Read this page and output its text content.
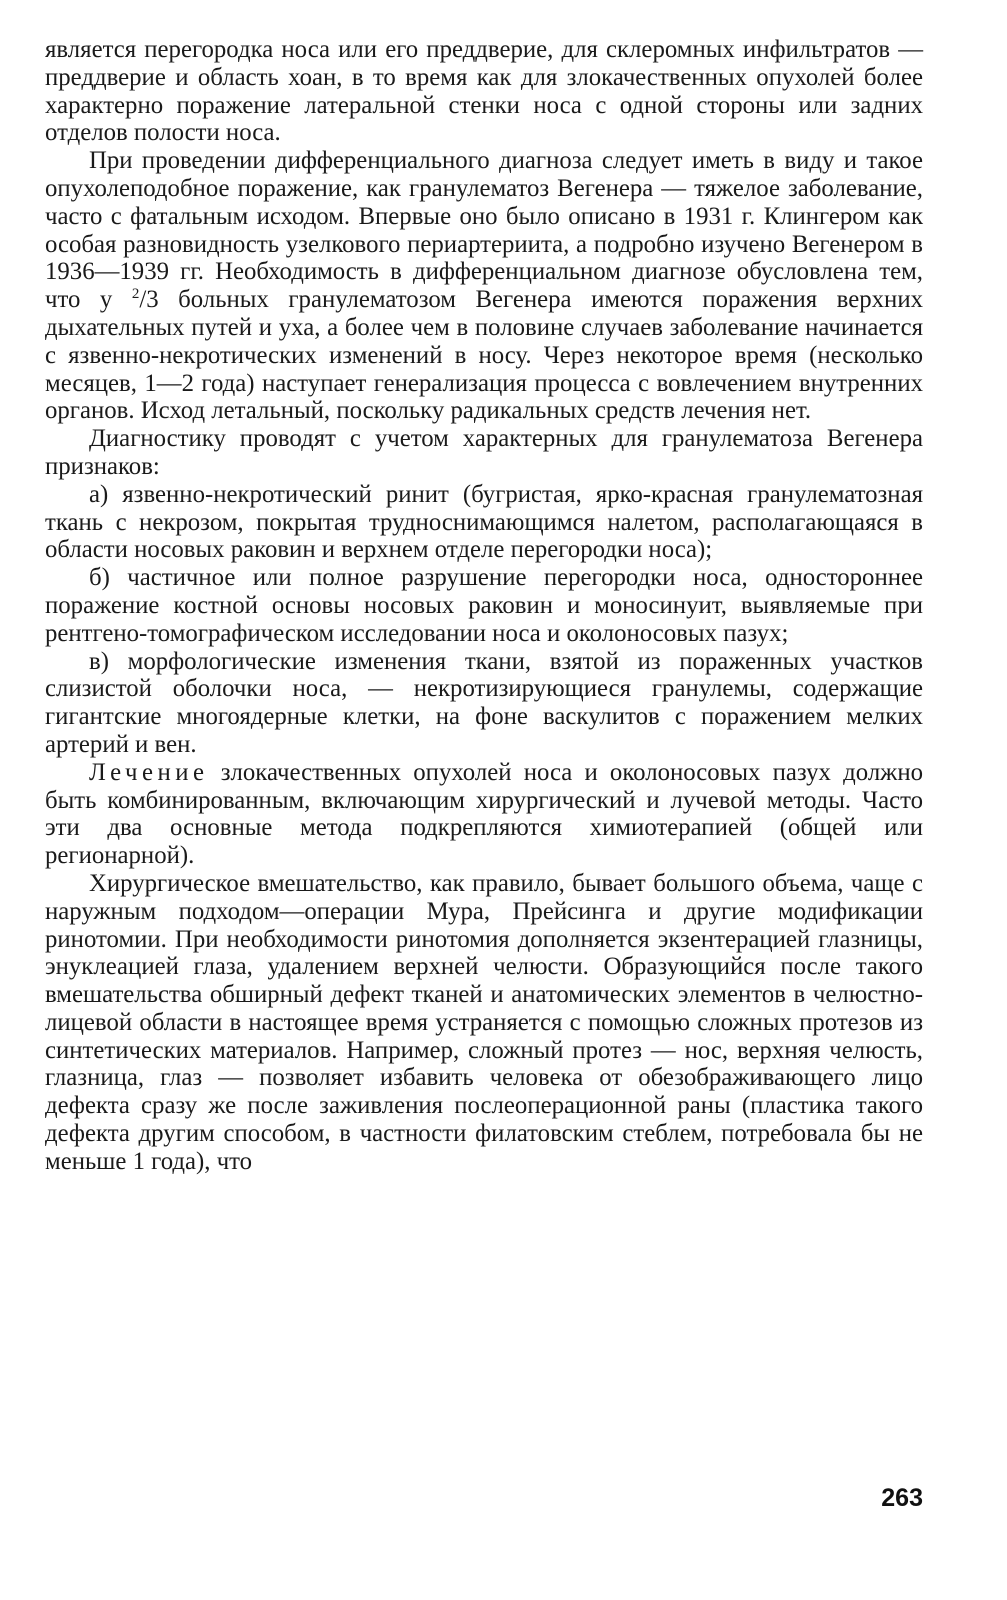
является перегородка носа или его преддверие, для склеромных инфильтратов — преддверие и область хоан, в то время как для злокачественных опухолей более характерно поражение латеральной стенки носа с одной стороны или задних отделов полости носа.

При проведении дифференциального диагноза следует иметь в виду и такое опухолеподобное поражение, как гранулематоз Вегенера — тяжелое заболевание, часто с фатальным исходом. Впервые оно было описано в 1931 г. Клингером как особая разновидность узелкового периартериита, а подробно изучено Вегенером в 1936—1939 гг. Необходимость в дифференциальном диагнозе обусловлена тем, что у $^2$/3 больных гранулематозом Вегенера имеются поражения верхних дыхательных путей и уха, а более чем в половине случаев заболевание начинается с язвенно-некротических изменений в носу. Через некоторое время (несколько месяцев, 1—2 года) наступает генерализация процесса с вовлечением внутренних органов. Исход летальный, поскольку радикальных средств лечения нет.

Диагностику проводят с учетом характерных для гранулематоза Вегенера признаков:

а) язвенно-некротический ринит (бугристая, ярко-красная гранулематозная ткань с некрозом, покрытая трудноснимающимся налетом, располагающаяся в области носовых раковин и верхнем отделе перегородки носа);

б) частичное или полное разрушение перегородки носа, одностороннее поражение костной основы носовых раковин и моносинуит, выявляемые при рентгено-томографическом исследовании носа и околоносовых пазух;

в) морфологические изменения ткани, взятой из пораженных участков слизистой оболочки носа, — некротизирующиеся гранулемы, содержащие гигантские многоядерные клетки, на фоне васкулитов с поражением мелких артерий и вен.

Лечение злокачественных опухолей носа и околоносовых пазух должно быть комбинированным, включающим хирургический и лучевой методы. Часто эти два основные метода подкрепляются химиотерапией (общей или регионарной).

Хирургическое вмешательство, как правило, бывает большого объема, чаще с наружным подходом—операции Мура, Прейсинга и другие модификации ринотомии. При необходимости ринотомия дополняется экзентерацией глазницы, энуклеацией глаза, удалением верхней челюсти. Образующийся после такого вмешательства обширный дефект тканей и анатомических элементов в челюстно-лицевой области в настоящее время устраняется с помощью сложных протезов из синтетических материалов. Например, сложный протез — нос, верхняя челюсть, глазница, глаз — позволяет избавить человека от обезображивающего лицо дефекта сразу же после заживления послеоперационной раны (пластика такого дефекта другим способом, в частности филатовским стеблем, потребовала бы не меньше 1 года), что

263
